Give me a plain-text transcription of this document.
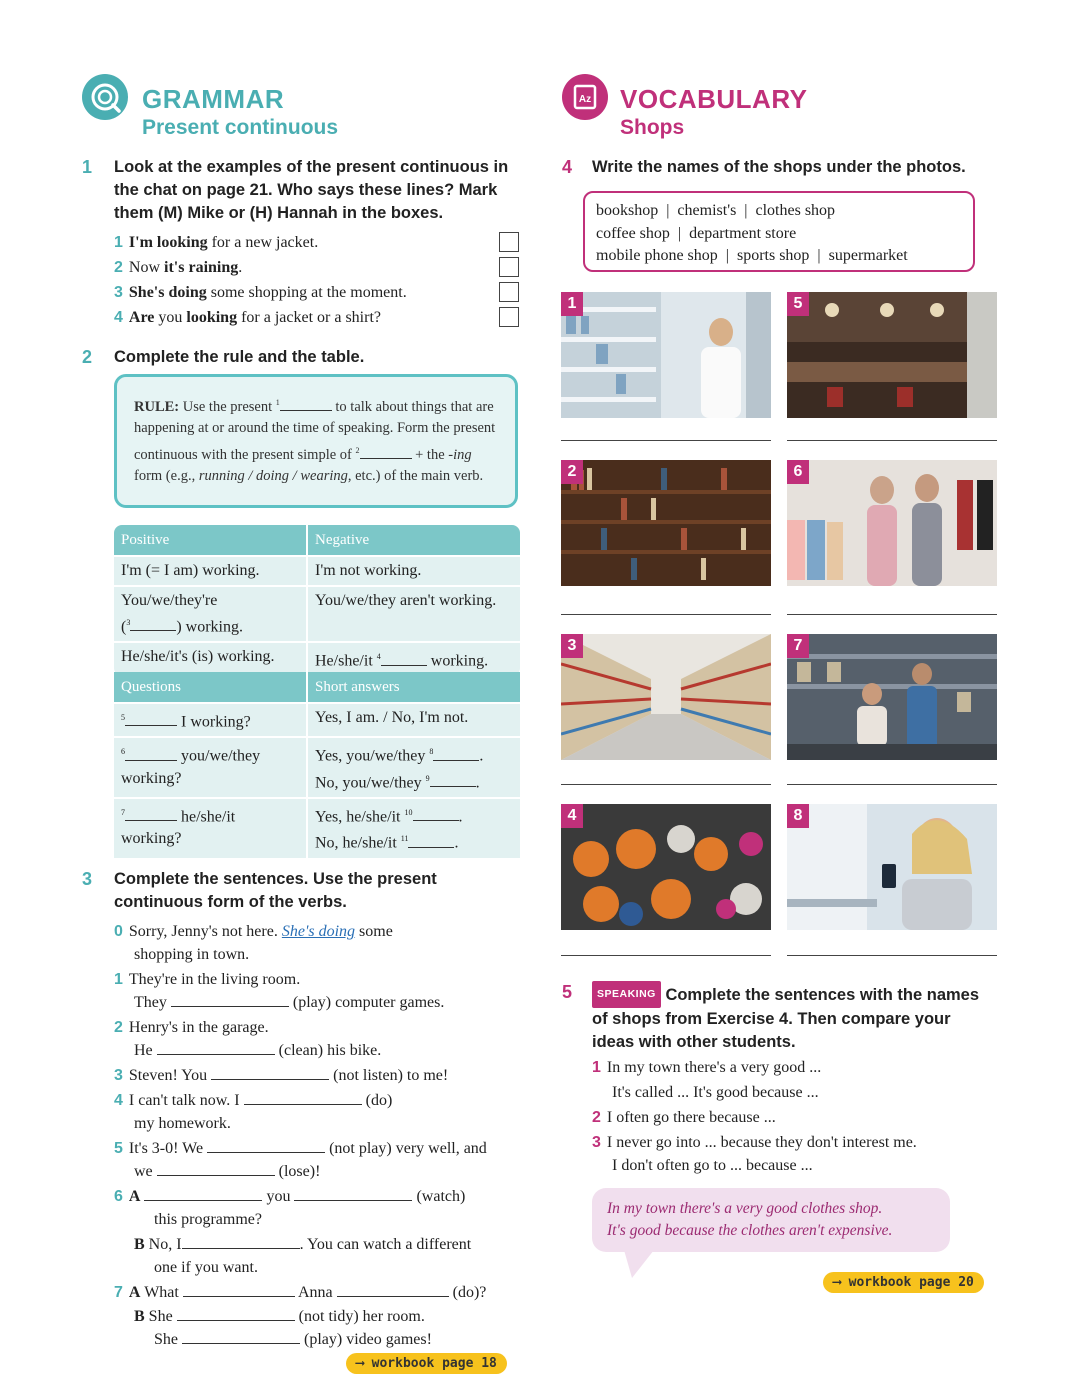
GRAMMAR
Present continuous
Az VOCABULARY
Shops
1 Look at the examples of the present continuous in the chat on page 21. Who says these lines? Mark them (M) Mike or (H) Hannah in the boxes.
1 I'm looking for a new jacket.
2 Now it's raining.
3 She's doing some shopping at the moment.
4 Are you looking for a jacket or a shirt?
2 Complete the rule and the table.
RULE: Use the present $^1$	to talk about things that are happening at or around the time of speaking. Form the present continuous with the present simple of $^2$	+ the -ing form (e.g., running / doing / wearing, etc.) of the main verb.
Positive	Negative
I'm (= I am) working.	I'm not working.
You/we/they're
($^3$ ) working.	You/we/they aren't working.
He/she/it's (is) working.	He/she/it $^4$ working.
Questions	Short answers
$^5$ I working?	Yes, I am. / No, I'm not.
$^6$ you/we/they working?	Yes, you/we/they $^8$ .
No, you/we/they $^9$ .
$^7$ he/she/it working?	Yes, he/she/it $^{10}$ .
No, he/she/it $^{11}$ .
3 Complete the sentences. Use the present continuous form of the verbs.
0 Sorry, Jenny's not here. She's doing some
shopping in town.
1 They're in the living room.
They	(play) computer games.
2 Henry's in the garage.
He	(clean) his bike.
3 Steven! You	(not listen) to me!
4 I can't talk now. I	(do)
my homework.
5 It's 3-0! We	(not play) very well, and
we	(lose)!
6 A	you	(watch)
this programme?
B No, I	. You can watch a different
one if you want.
7 A What	Anna	(do)?
B She	(not tidy) her room.
She	(play) video games!
⟶ workbook page 18
4 Write the names of the shops under the photos.
bookshop  |  chemist's  |  clothes shop
coffee shop  |  department store
mobile phone shop  |  sports shop  |  supermarket
1
2
3
4
5
6
7
8
5	SPEAKING Complete the sentences with the names of shops from Exercise 4. Then compare your ideas with other students.
1 In my town there's a very good ...
It's called ... It's good because ...
2 I often go there because ...
3 I never go into ... because they don't interest me.
I don't often go to ... because ...
In my town there's a very good clothes shop.
It's good because the clothes aren't expensive.
⟶ workbook page 20
